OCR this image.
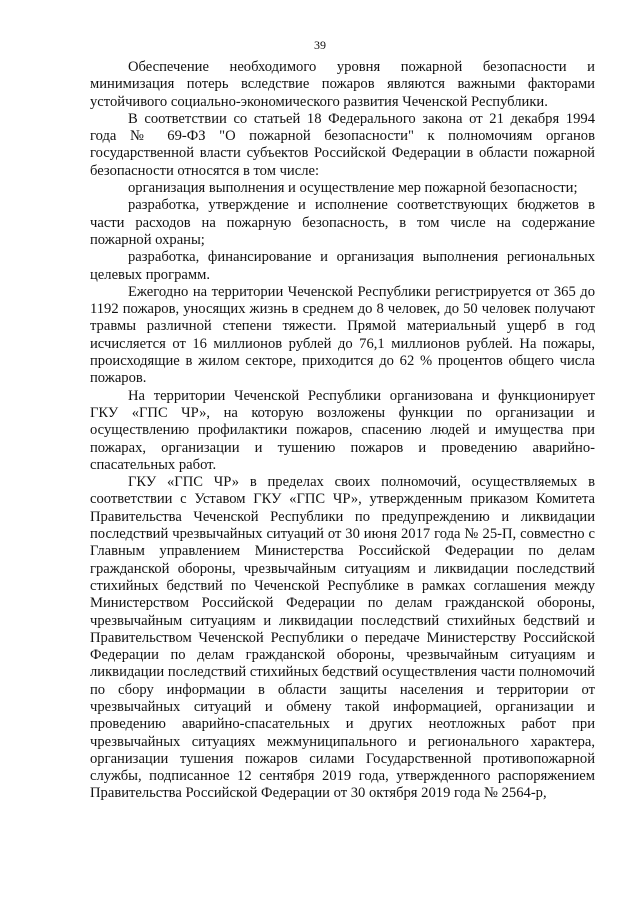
39

Обеспечение необходимого уровня пожарной безопасности и минимизация потерь вследствие пожаров являются важными факторами устойчивого социально-экономического развития Чеченской Республики.

В соответствии со статьей 18 Федерального закона от 21 декабря 1994 года № 69-ФЗ "О пожарной безопасности" к полномочиям органов государственной власти субъектов Российской Федерации в области пожарной безопасности относятся в том числе:

организация выполнения и осуществление мер пожарной безопасности;

разработка, утверждение и исполнение соответствующих бюджетов в части расходов на пожарную безопасность, в том числе на содержание пожарной охраны;

разработка, финансирование и организация выполнения региональных целевых программ.

Ежегодно на территории Чеченской Республики регистрируется от 365 до 1192 пожаров, уносящих жизнь в среднем до 8 человек, до 50 человек получают травмы различной степени тяжести. Прямой материальный ущерб в год исчисляется от 16 миллионов рублей до 76,1 миллионов рублей. На пожары, происходящие в жилом секторе, приходится до 62 % процентов общего числа пожаров.

На территории Чеченской Республики организована и функционирует ГКУ «ГПС ЧР», на которую возложены функции по организации и осуществлению профилактики пожаров, спасению людей и имущества при пожарах, организации и тушению пожаров и проведению аварийно-спасательных работ.

ГКУ «ГПС ЧР» в пределах своих полномочий, осуществляемых в соответствии с Уставом ГКУ «ГПС ЧР», утвержденным приказом Комитета Правительства Чеченской Республики по предупреждению и ликвидации последствий чрезвычайных ситуаций от 30 июня 2017 года № 25-П, совместно с Главным управлением Министерства Российской Федерации по делам гражданской обороны, чрезвычайным ситуациям и ликвидации последствий стихийных бедствий по Чеченской Республике в рамках соглашения между Министерством Российской Федерации по делам гражданской обороны, чрезвычайным ситуациям и ликвидации последствий стихийных бедствий и Правительством Чеченской Республики о передаче Министерству Российской Федерации по делам гражданской обороны, чрезвычайным ситуациям и ликвидации последствий стихийных бедствий осуществления части полномочий по сбору информации в области защиты населения и территории от чрезвычайных ситуаций и обмену такой информацией, организации и проведению аварийно-спасательных и других неотложных работ при чрезвычайных ситуациях межмуниципального и регионального характера, организации тушения пожаров силами Государственной противопожарной службы, подписанное 12 сентября 2019 года, утвержденного распоряжением Правительства Российской Федерации от 30 октября 2019 года № 2564-р,
